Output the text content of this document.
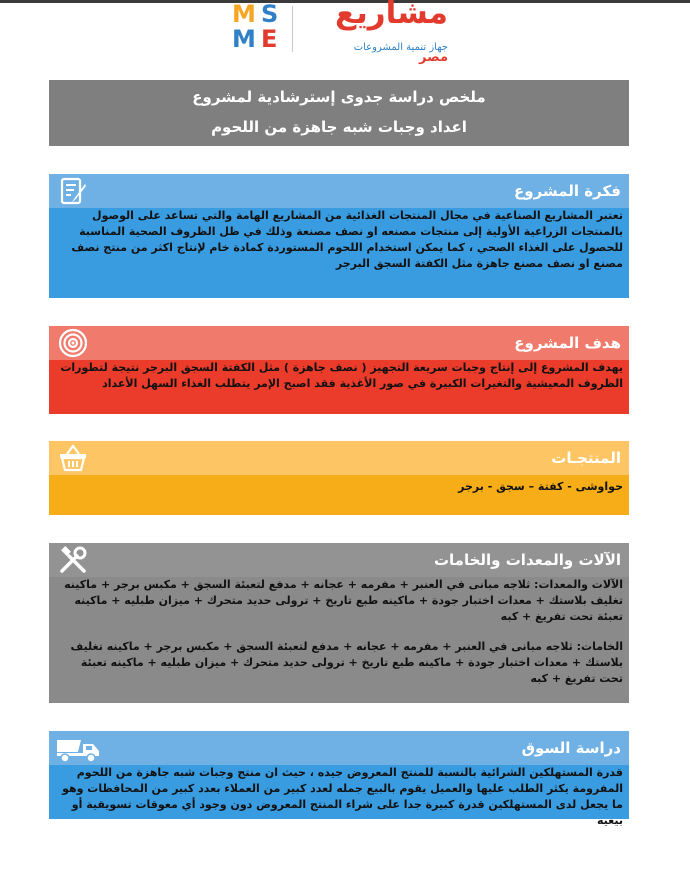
M S
M E
مشاريع مصر
جهاز تنمية المشروعات
ملخص دراسة جدوى إسترشادية لمشروع
اعداد وجبات شبه جاهزة من اللحوم
فكرة المشروع

تعتبر المشاريع الصناعية في مجال المنتجات الغذائية من المشاريع الهامة والتي تساعد على الوصول بالمنتجات الزراعية الأولية إلى منتجات مصنعه او نصف مصنعة وذلك في ظل الظروف الصحية المناسبة للحصول على الغذاء الصحي ، كما يمكن استخدام اللحوم المستوردة كمادة خام لإنتاج اكثر من منتج نصف مصنع او نصف مصنع جاهزة مثل الكفتة السجق البرجر

هدف المشروع

يهدف المشروع إلى إنتاج وجبات سريعة التجهيز ( نصف جاهزة ) مثل الكفتة السجق البرجر نتيجة لتطورات الظروف المعيشية والتغيرات الكبيرة في صور الأغذية فقد اصبح الإمر يتطلب الغذاء السهل الأعداد

المنتجـات

حواوشى - كفتة – سجق - برجر

الآلات والمعدات والخامات

الآلات والمعدات: ثلاجه مبانى في العنبر + مفرمه + عجانه + مدفع لتعبئة السجق + مكبس برجر + ماكينه تغليف بلاستك + معدات اختبار جودة + ماكينه طبع تاريخ + ترولى حديد متحرك + ميزان طبليه + ماكينه تعبئة تحت تفريغ + كبه

الخامات: ثلاجه مبانى في العنبر + مفرمه + عجانه + مدفع لتعبئة السجق + مكبس برجر + ماكينه تغليف بلاستك + معدات اختبار جودة + ماكينه طبع تاريخ + ترولى حديد متحرك + ميزان طبليه + ماكينه تعبئة تحت تفريغ + كبه

دراسة السوق

قدرة المستهلكين الشرائية بالنسبة للمنتج المعروض جيده ، حيث ان منتج وجبات شبه جاهزة من اللحوم المفرومة يكثر الطلب عليها والعميل يقوم بالبيع جمله لعدد كبير من العملاء بعدد كبير من المحافظات وهو ما يجعل لدى المستهلكين قدرة كبيرة جدا على شراء المنتج المعروض دون وجود أي معوقات تسويقية أو بيعيه
